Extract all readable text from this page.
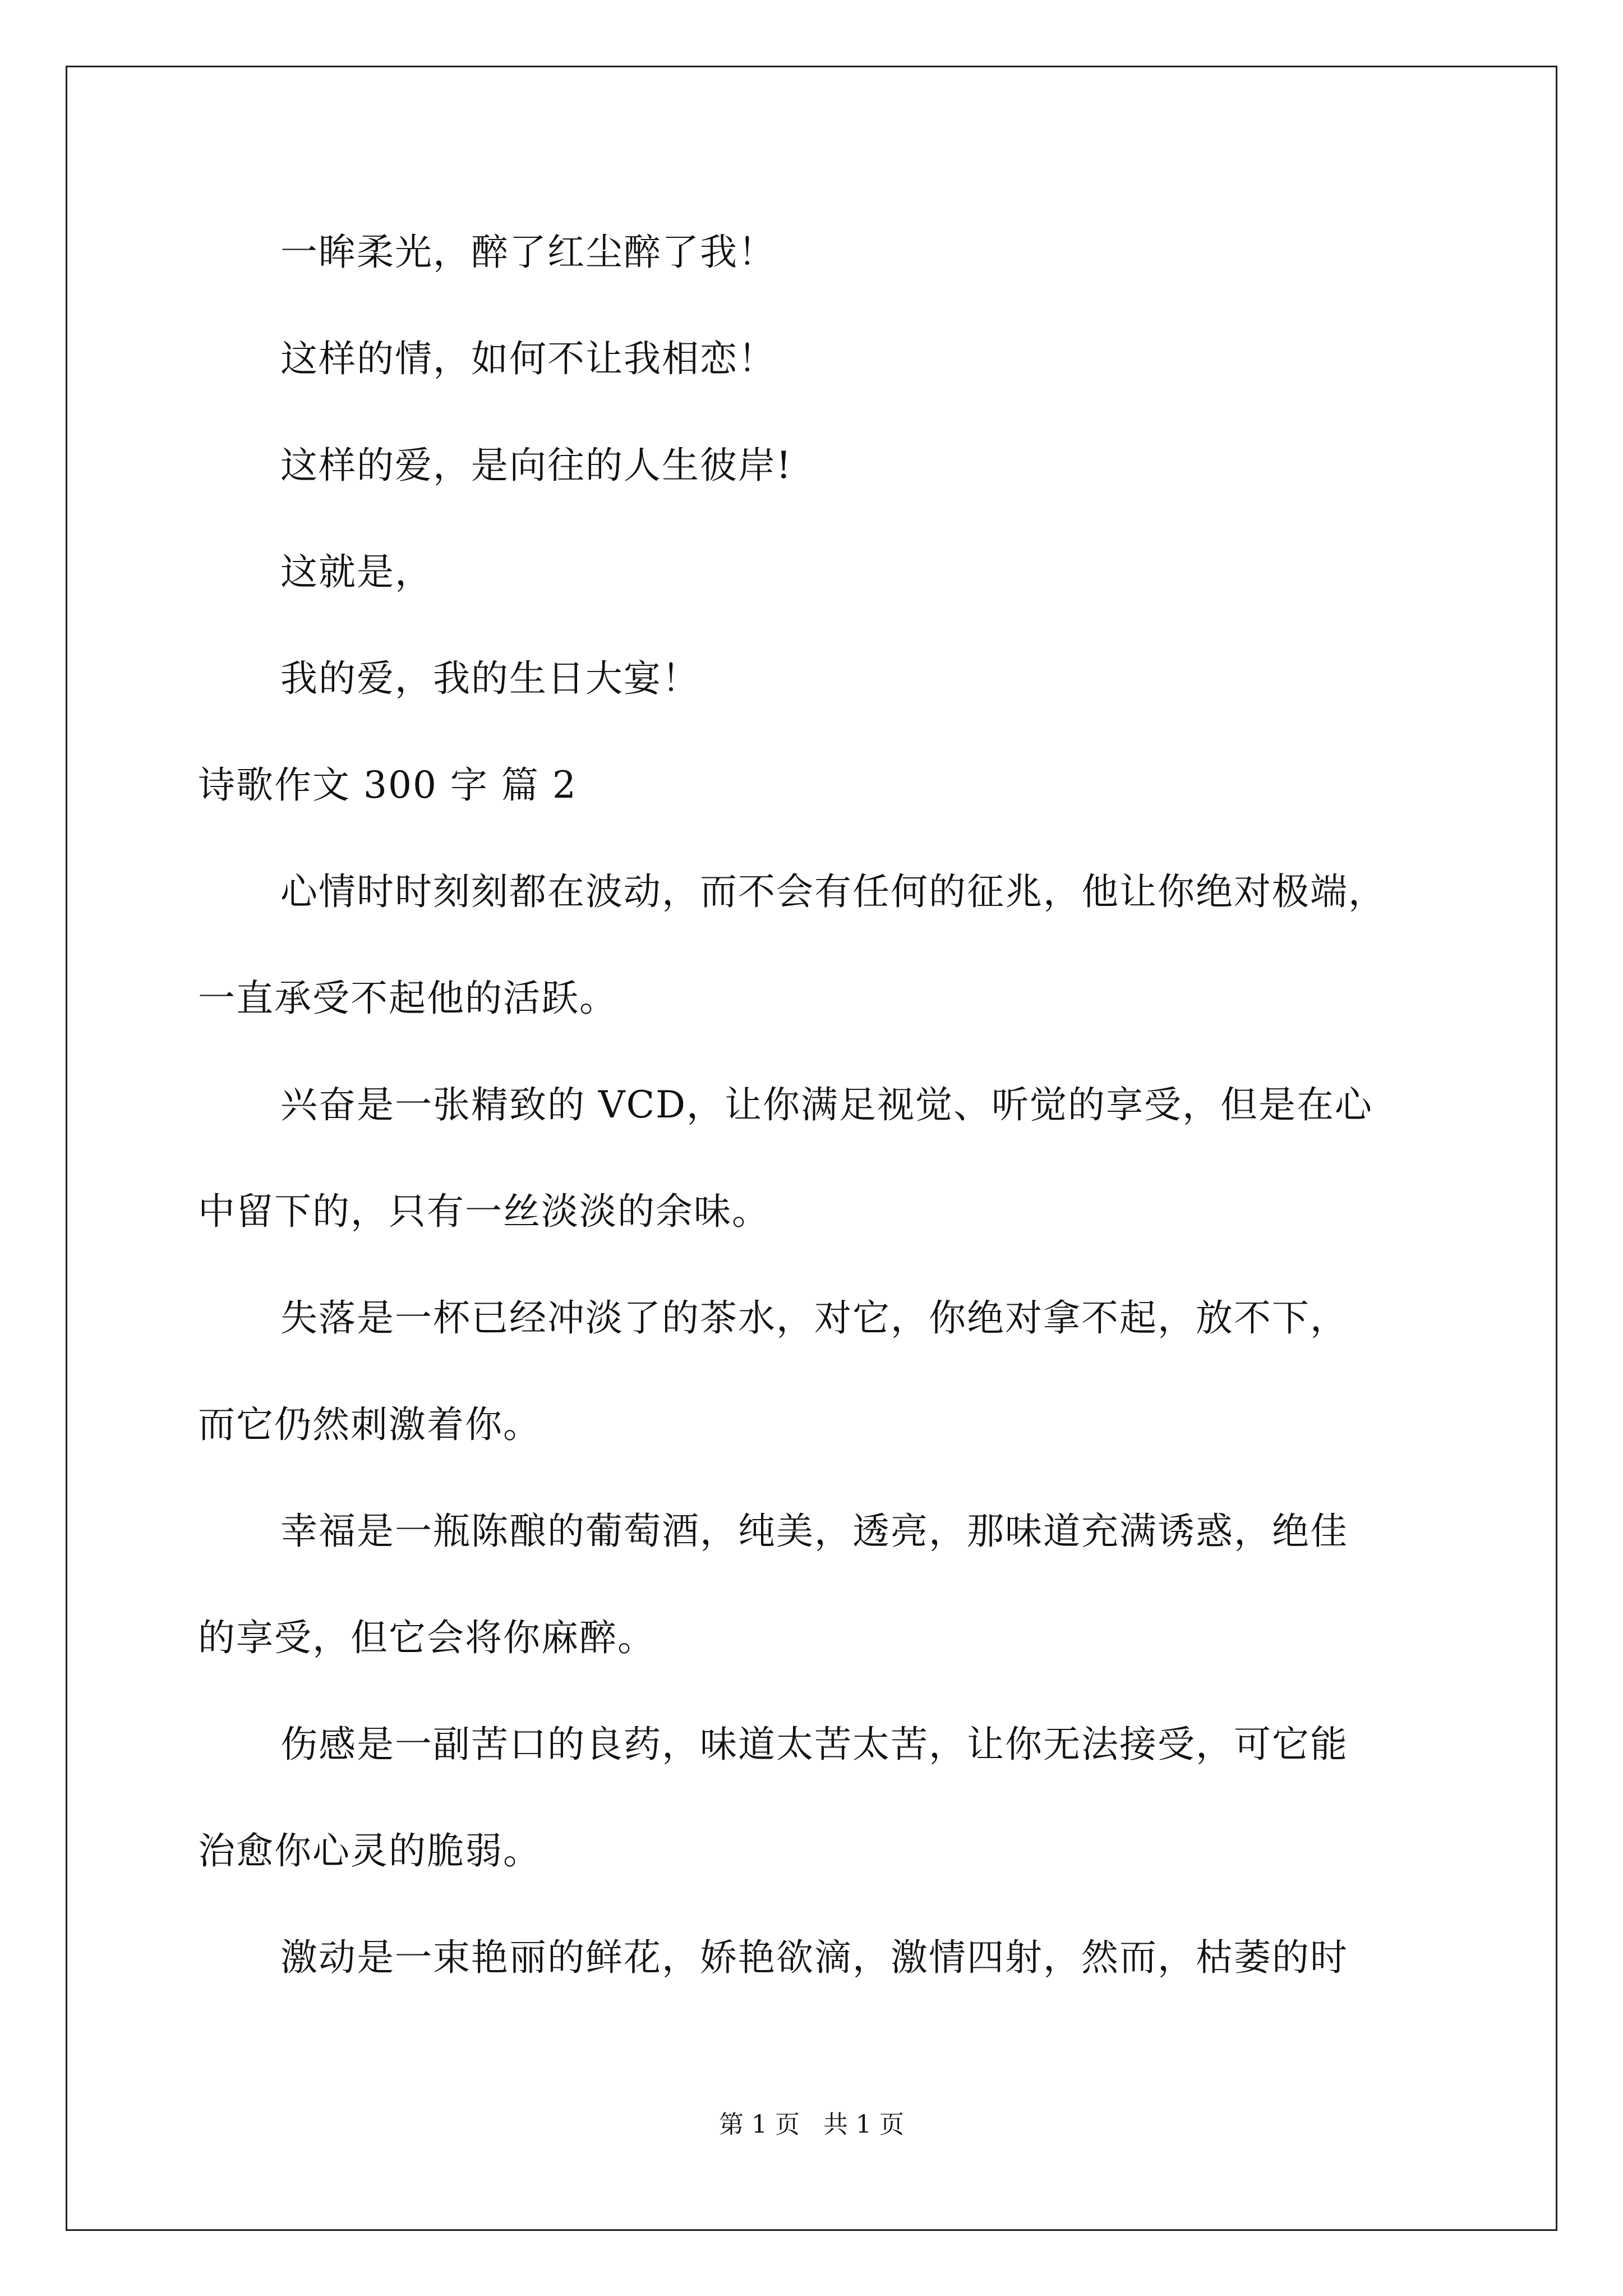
一眸柔光，醉了红尘醉了我！
这样的情，如何不让我相恋！
这样的爱，是向往的人生彼岸!
这就是，
我的爱，我的生日大宴！
诗歌作文 300 字 篇 2
心情时时刻刻都在波动，而不会有任何的征兆，他让你绝对极端，
一直承受不起他的活跃。
兴奋是一张精致的 VCD，让你满足视觉、听觉的享受，但是在心
中留下的，只有一丝淡淡的余味。
失落是一杯已经冲淡了的茶水，对它，你绝对拿不起，放不下，
而它仍然刺激着你。
幸福是一瓶陈酿的葡萄酒，纯美，透亮，那味道充满诱惑，绝佳
的享受，但它会将你麻醉。
伤感是一副苦口的良药，味道太苦太苦，让你无法接受，可它能
治愈你心灵的脆弱。
激动是一束艳丽的鲜花，娇艳欲滴，激情四射，然而，枯萎的时
第 1 页   共 1 页
